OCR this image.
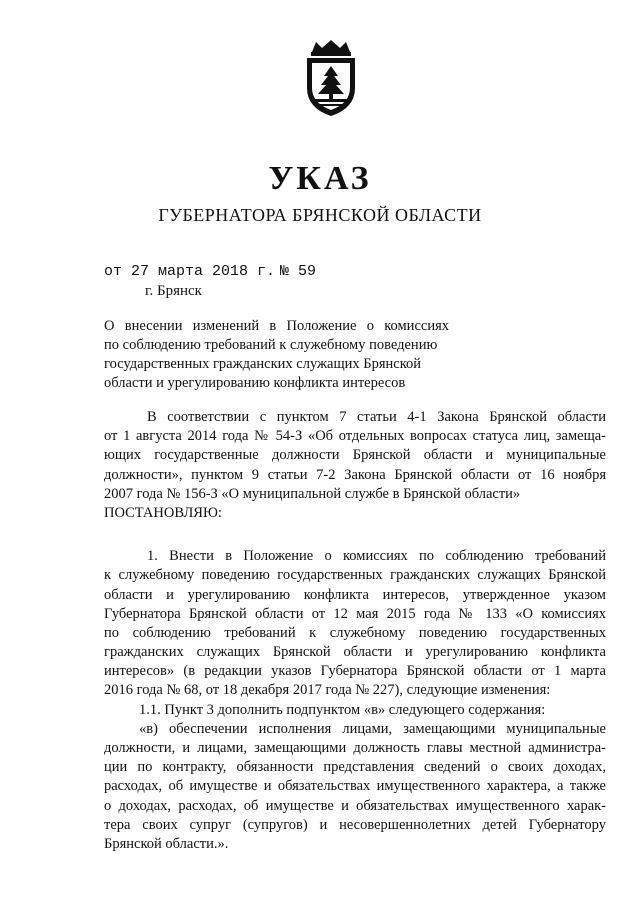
УКАЗ
ГУБЕРНАТОРА БРЯНСКОЙ ОБЛАСТИ
от 27 марта 2018 г. № 59
г. Брянск
О внесении изменений в Положение о комиссиях
по соблюдению требований к служебному поведению
государственных гражданских служащих Брянской
области и урегулированию конфликта интересов
В соответствии с пунктом 7 статьи 4-1 Закона Брянской области
от 1 августа 2014 года № 54-З «Об отдельных вопросах статуса лиц, замеща-
ющих государственные должности Брянской области и муниципальные
должности», пунктом 9 статьи 7-2 Закона Брянской области от 16 ноября
2007 года № 156-З «О муниципальной службе в Брянской области»
ПОСТАНОВЛЯЮ:
1. Внести в Положение о комиссиях по соблюдению требований
к служебному поведению государственных гражданских служащих Брянской
области и урегулированию конфликта интересов, утвержденное указом
Губернатора Брянской области от 12 мая 2015 года № 133 «О комиссиях
по соблюдению требований к служебному поведению государственных
гражданских служащих Брянской области и урегулированию конфликта
интересов» (в редакции указов Губернатора Брянской области от 1 марта
2016 года № 68, от 18 декабря 2017 года № 227), следующие изменения:
1.1. Пункт 3 дополнить подпунктом «в» следующего содержания:
«в) обеспечении исполнения лицами, замещающими муниципальные
должности, и лицами, замещающими должность главы местной администра-
ции по контракту, обязанности представления сведений о своих доходах,
расходах, об имуществе и обязательствах имущественного характера, а также
о доходах, расходах, об имуществе и обязательствах имущественного харак-
тера своих супруг (супругов) и несовершеннолетних детей Губернатору
Брянской области.».
